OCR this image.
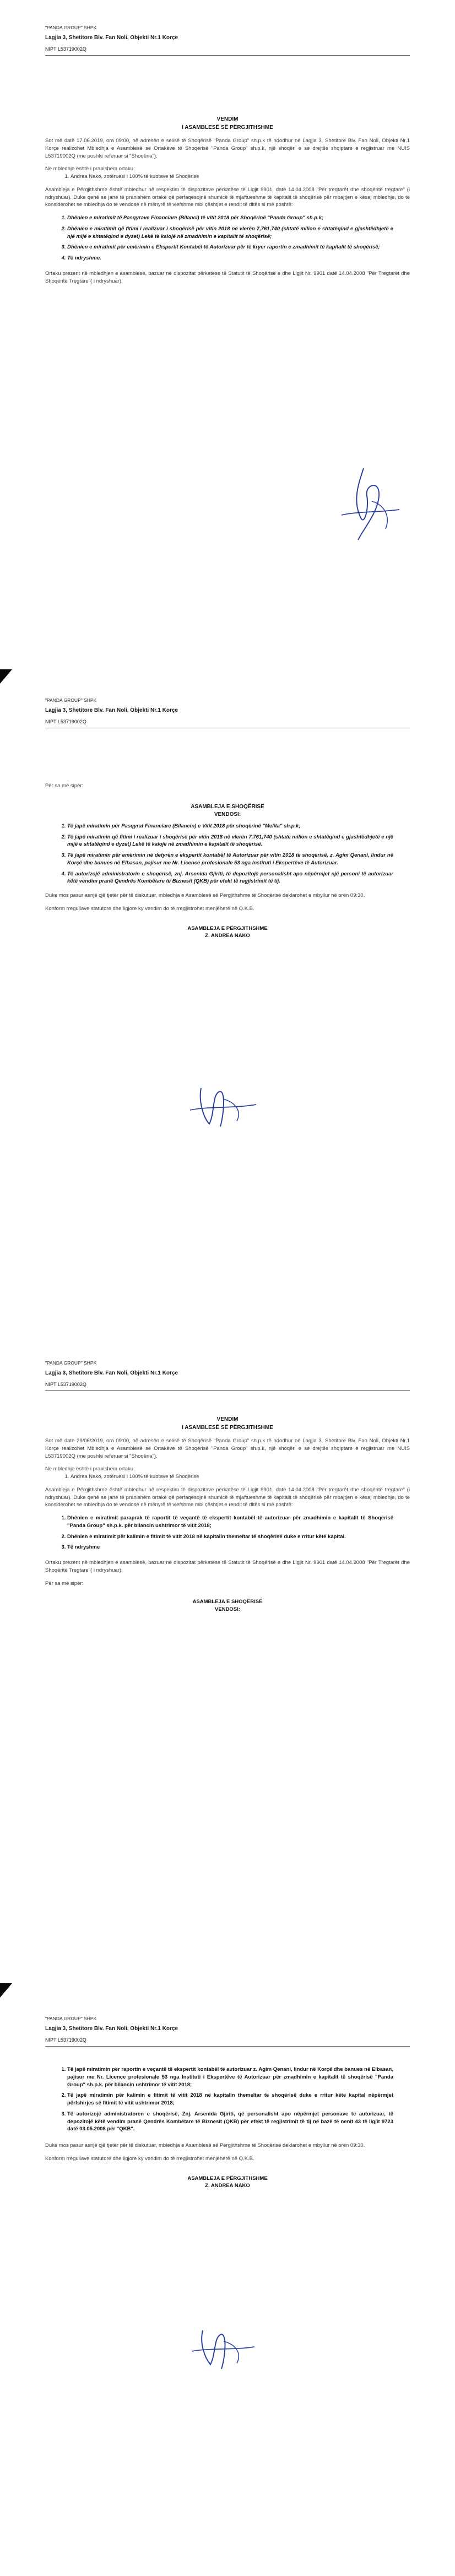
"PANDA GROUP" SHPK
Lagjia 3, Shetitore Blv. Fan Noli, Objekti Nr.1 Korçe
NIPT L53719002Q
VENDIM
I ASAMBLESË SË PËRGJITHSHME

Sot më datë 17.06.2019, ora 09:00, në adresën e selisë të Shoqërisë "Panda Group" sh.p.k të ndodhur në Lagjia 3, Shetitore Blv. Fan Noli, Objekti Nr.1 Korçe realizohet Mbledhja e Asamblesë së Ortakëve të Shoqërisë "Panda Group" sh.p.k, një shoqëri e se drejtës shqiptare e regjistruar me NUIS L53719002Q (me poshtë referuar si "Shoqëria").

Në mbledhje është i pranishëm ortaku:

1. Andrea Nako, zotëruesi i 100% të kuotave të Shoqërisë

Asambleja e Përgjithshme është mbledhur në respektim të dispozitave përkatëse të Ligjit 9901, datë 14.04.2008 "Për tregtarët dhe shoqëritë tregtare" (i ndryshuar). Duke qenë se janë të pranishëm ortakë që përfaqësojnë shumicë të mjaftueshme të kapitalit të shoqërisë për mbajtjen e kësaj mbledhje, do të konsiderohet se mbledhja do të vendosë në mënyrë të vlefshme mbi çështjet e rendit të ditës si më poshtë:

1. Dhënien e miratimit të Pasqyrave Financiare (Bilanci) të vitit 2018 për Shoqërinë "Panda Group" sh.p.k;
2. Dhënien e miratimit që fitimi i realizuar i shoqërisë për vitin 2018 në vlerën 7,761,740 (shtatë milion e shtatëqind e gjashtëdhjetë e një mijë e shtatëqind e dyzet) Lekë të kalojë në zmadhimin e kapitalit të shoqërisë;
3. Dhënien e miratimit për emërimin e Ekspertit Kontabël të Autorizuar për të kryer raportin e zmadhimit të kapitalit të shoqërisë;
4. Të ndryshme.

Ortaku prezent në mbledhjen e asamblesë, bazuar në dispozitat përkatëse të Statutit të Shoqërisë e dhe Ligjit Nr. 9901 datë 14.04.2008 "Për Tregtarët dhe Shoqëritë Tregtare"( i ndryshuar).

"PANDA GROUP" SHPK
Lagjia 3, Shetitore Blv. Fan Noli, Objekti Nr.1 Korçe
NIPT L53719002Q

Për sa më sipër:

ASAMBLEJA E SHOQËRISË
VENDOSI:
1. Të japë miratimin për Pasqyrat Financiare (Bilancin) e Vitit 2018 për shoqërinë "Melita" sh.p.k;
2. Të japë miratimin që fitimi i realizuar i shoqërisë për vitin 2018 në vlerën 7,761,740 (shtatë milion e shtatëqind e gjashtëdhjetë e një mijë e shtatëqind e dyzet) Lekë të kalojë në zmadhimin e kapitalit të shoqërisë.
3. Të japë miratimin për emërimin në detyrën e ekspertit kontabël të Autorizuar për vitin 2018 të shoqërisë, z. Agim Qenani, lindur në Korçë dhe banues në Elbasan, pajisur me Nr. Licence profesionale 53 nga Instituti i Ekspertëve të Autorizuar.
4. Të autorizojë administratorin e shoqërisë, znj. Arsenida Gjiriti, të depozitojë personalisht apo nëpërmjet një personi të autorizuar këtë vendim pranë Qendrës Kombëtare të Biznesit (QKB) për efekt të regjistrimit të tij.

Duke mos pasur asnjë çjë tjetër për të diskutuar, mbledhja e Asamblesë së Përgjithshme të Shoqërisë deklarohet e mbyllur në orën 09:30.

Konform rregullave statutore dhe ligjore ky vendim do të rregjistrohet menjëherë në Q.K.B.

ASAMBLEJA E PËRGJITHSHME
Z. ANDREA NAKO
"PANDA GROUP" SHPK
Lagjia 3, Shetitore Blv. Fan Noli, Objekti Nr.1 Korçe
NIPT L53719002Q
VENDIM
I ASAMBLESË SË PËRGJITHSHME

Sot më date 29/06/2019, ora 09:00, në adresën e selisë të Shoqërisë "Panda Group" sh.p.k të ndodhur në Lagjia 3, Shetitore Blv. Fan Noli, Objekti Nr.1 Korçe realizohet Mbledhja e Asamblesë së Ortakëve të Shoqërisë "Panda Group" sh.p.k, një shoqëri e se drejtës shqiptare e regjistruar me NUIS L53719002Q (me poshtë referuar si "Shoqëria").

Në mbledhje është i pranishëm ortaku:

1. Andrea Nako, zotëruesi i 100% të kuotave të Shoqërisë

Asambleja e Përgjithshme është mbledhur në respektim të dispozitave përkatëse të Ligjit 9901, datë 14.04.2008 "Për tregtarët dhe shoqëritë tregtare" (i ndryshuar). Duke qenë se janë të pranishëm ortakë që përfaqësojnë shumicë të mjaftueshme të kapitalit të shoqërisë për mbajtjen e kësaj mbledhje, do të konsiderohet se mbledhja do të vendosë në mënyrë të vlefshme mbi çështjet e rendit të ditës si më poshtë:

1. Dhënien e miratimit paraprak të raportit të veçantë të ekspertit kontabël të autorizuar për zmadhimin e kapitalit të Shoqërisë "Panda Group" sh.p.k. për bilancin ushtrimor të vitit 2018;
2. Dhënien e miratimit për kalimin e fitimit të vitit 2018 në kapitalin themeltar të shoqërisë duke e rritur këtë kapital.
3. Të ndryshme

Ortaku prezent në mbledhjen e asamblesë, bazuar në dispozitat përkatëse të Statutit të Shoqërisë e dhe Ligjit Nr. 9901 datë 14.04.2008 "Për Tregtarët dhe Shoqëritë Tregtare"( i ndryshuar).

Për sa më sipër:

ASAMBLEJA E SHOQËRISË
VENDOSI:
"PANDA GROUP" SHPK
Lagjia 3, Shetitore Blv. Fan Noli, Objekti Nr.1 Korçe
NIPT L53719002Q
1. Të japë miratimin për raportin e veçantë të ekspertit kontabël të autorizuar z. Agim Qenani, lindur në Korçë dhe banues në Elbasan, pajisur me Nr. Licence profesionale 53 nga Instituti i Ekspertëve të Autorizuar për zmadhimin e kapitalit të shoqërisë "Panda Group" sh.p.k. për bilancin ushtrimor të vitit 2018;
2. Të japë miratimin për kalimin e fitimit të vitit 2018 në kapitalin themeltar të shoqërisë duke e rritur këtë kapital nëpërmjet përfshirjes së fitimit të vitit ushtrimor 2018;
3. Të autorizojë administratoren e shoqërisë, Znj. Arsenida Gjiriti, që personalisht apo nëpërmjet personave të autorizuar, të depozitojë këtë vendim pranë Qendrës Kombëtare të Biznesit (QKB) për efekt të regjistrimit të tij në bazë të nenit 43 të ligjit 9723 datë 03.05.2008 për "QKB".

Duke mos pasur asnjë çjë tjetër për të diskutuar, mbledhja e Asamblesë së Përgjithshme të Shoqërisë deklarohet e mbyllur në orën 09:30.

Konform rregullave statutore dhe ligjore ky vendim do të rregjistrohet menjëherë në Q.K.B.

ASAMBLEJA E PËRGJITHSHME
Z. ANDREA NAKO
